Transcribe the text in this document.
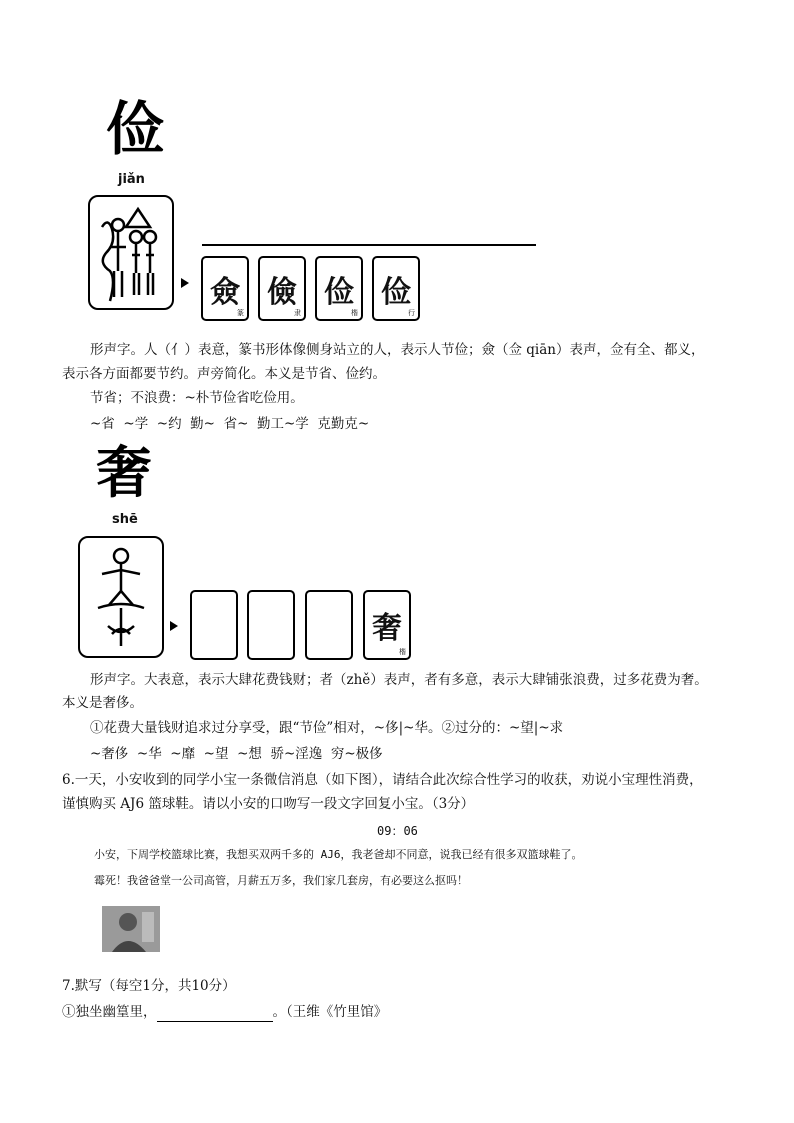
俭
jiǎn
僉
篆
儉
隶
俭
楷
俭
行
形声字。人（亻）表意，篆书形体像侧身站立的人，表示人节俭；僉（佥 qiān）表声，佥有全、都义，
表示各方面都要节约。声旁简化。本义是节省、俭约。
节省；不浪费：~朴节俭省吃俭用。
~省  ~学  ~约  勤~  省~  勤工~学  克勤克~
奢
shē
奢
楷
形声字。大表意，表示大肆花费钱财；者（zhě）表声，者有多意，表示大肆铺张浪费，过多花费为奢。
本义是奢侈。
①花费大量钱财追求过分享受，跟“节俭”相对，~侈|~华。②过分的：~望|~求
~奢侈  ~华  ~靡  ~望  ~想  骄~淫逸  穷~极侈
6.一天，小安收到的同学小宝一条微信消息（如下图），请结合此次综合性学习的收获，劝说小宝理性消费，
谨慎购买 AJ6 篮球鞋。请以小安的口吻写一段文字回复小宝。（3分）
09：06
小安，下周学校篮球比赛，我想买双两千多的 AJ6，我老爸却不同意，说我已经有很多双篮球鞋了。
霉死！我爸爸堂一公司高管，月薪五万多，我们家几套房，有必要这么抠吗！
7.默写（每空1分，共10分）
①独坐幽篁里，	。（王维《竹里馆》
